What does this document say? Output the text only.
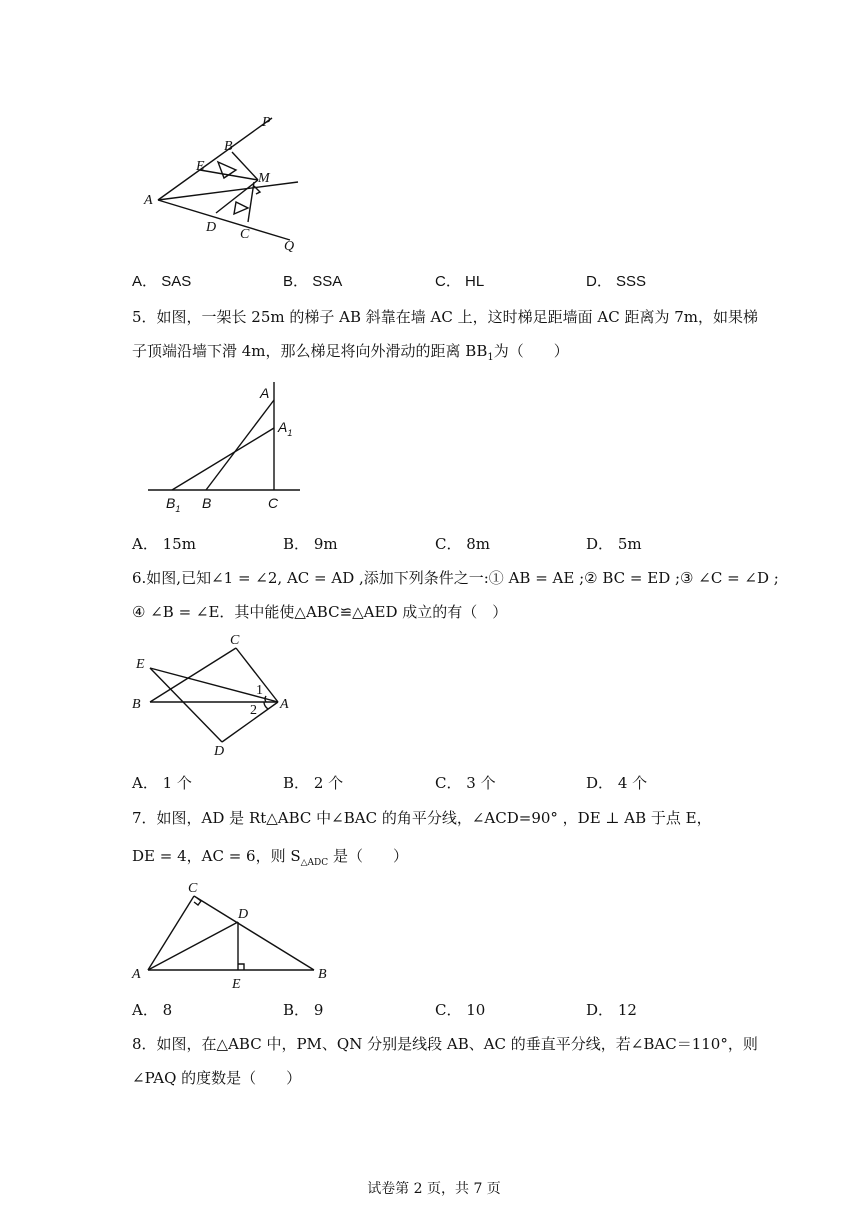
P
B
E
M
A
D C
Q
A． SAS	B． SSA	C． HL	D． SSS
5．如图，一架长 25m 的梯子 AB 斜靠在墙 AC 上，这时梯足距墙面 AC 距离为 7m，如果梯
子顶端沿墙下滑 4m，那么梯足将向外滑动的距离 $BB_1$为（　　）
A
$A_1$
$B_1$ B	C
A． 15m	B． 9m	C． 8m	D． 5m
6.如图,已知∠1 = ∠2, AC = AD ,添加下列条件之一:① AB = AE ;② BC = ED ;③ ∠C = ∠D ;
④ ∠B = ∠E．其中能使△ABC≌△AED 成立的有（　）
C
E
B	A
D
1
2
A． 1 个	B． 2 个	C． 3 个	D． 4 个
7．如图，AD 是 Rt△ABC 中∠BAC 的角平分线，∠ACD=90° ，DE ⊥ AB 于点 E，
DE = 4，AC = 6，则 $S_{\triangle ADC}$ 是（　　）
C
D
A
E
B
A． 8	B． 9	C． 10	D． 12
8．如图，在△ABC 中，PM、QN 分别是线段 AB、AC 的垂直平分线，若∠BAC＝110°，则
∠PAQ 的度数是（　　）
试卷第 2 页，共 7 页
